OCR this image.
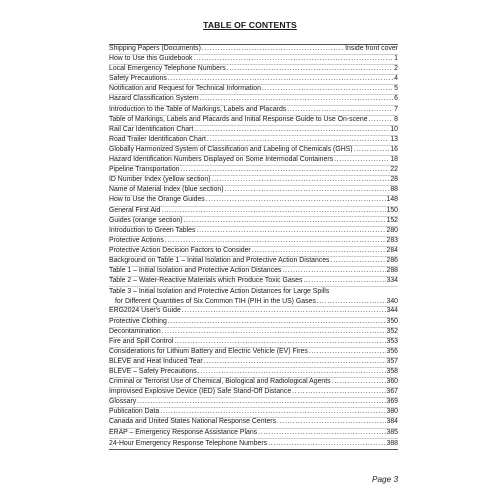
TABLE OF CONTENTS
Shipping Papers (Documents) . . .	Inside front cover
How to Use this Guidebook . . .	1
Local Emergency Telephone Numbers . . .	2
Safety Precautions . . .	4
Notification and Request for Technical Information . . .	5
Hazard Classification System . . .	6
Introduction to the Table of Markings, Labels and Placards . . .	7
Table of Markings, Labels and Placards and Initial Response Guide to Use On-scene . . .	8
Rail Car Identification Chart . . .	10
Road Trailer Identification Chart . . .	13
Globally Harmonized System of Classification and Labeling of Chemicals (GHS) . . .	16
Hazard Identification Numbers Displayed on Some Intermodal Containers . . .	18
Pipeline Transportation . . .	22
ID Number Index (yellow section) . . .	28
Name of Material Index (blue section) . . .	88
How to Use the Orange Guides . . .	148
General First Aid . . .	150
Guides (orange section) . . .	152
Introduction to Green Tables . . .	280
Protective Actions . . .	283
Protective Action Decision Factors to Consider . . .	284
Background on Table 1 – Initial Isolation and Protective Action Distances . . .	286
Table 1 – Initial Isolation and Protective Action Distances . . .	288
Table 2 – Water-Reactive Materials which Produce Toxic Gases . . .	334
Table 3 – Initial Isolation and Protective Action Distances for Large Spills
for Different Quantities of Six Common TIH (PIH in the US) Gases . . .	340
ERG2024 User's Guide . . .	344
Protective Clothing . . .	350
Decontamination . . .	352
Fire and Spill Control . . .	353
Considerations for Lithium Battery and Electric Vehicle (EV) Fires . . .	356
BLEVE and Heat Induced Tear . . .	357
BLEVE – Safety Precautions . . .	358
Criminal or Terrorist Use of Chemical, Biological and Radiological Agents . . .	360
Improvised Explosive Device (IED) Safe Stand-Off Distance . . .	367
Glossary . . .	369
Publication Data . . .	380
Canada and United States National Response Centers . . .	384
ERAP – Emergency Response Assistance Plans . . .	385
24-Hour Emergency Response Telephone Numbers . . .	388
Page 3
